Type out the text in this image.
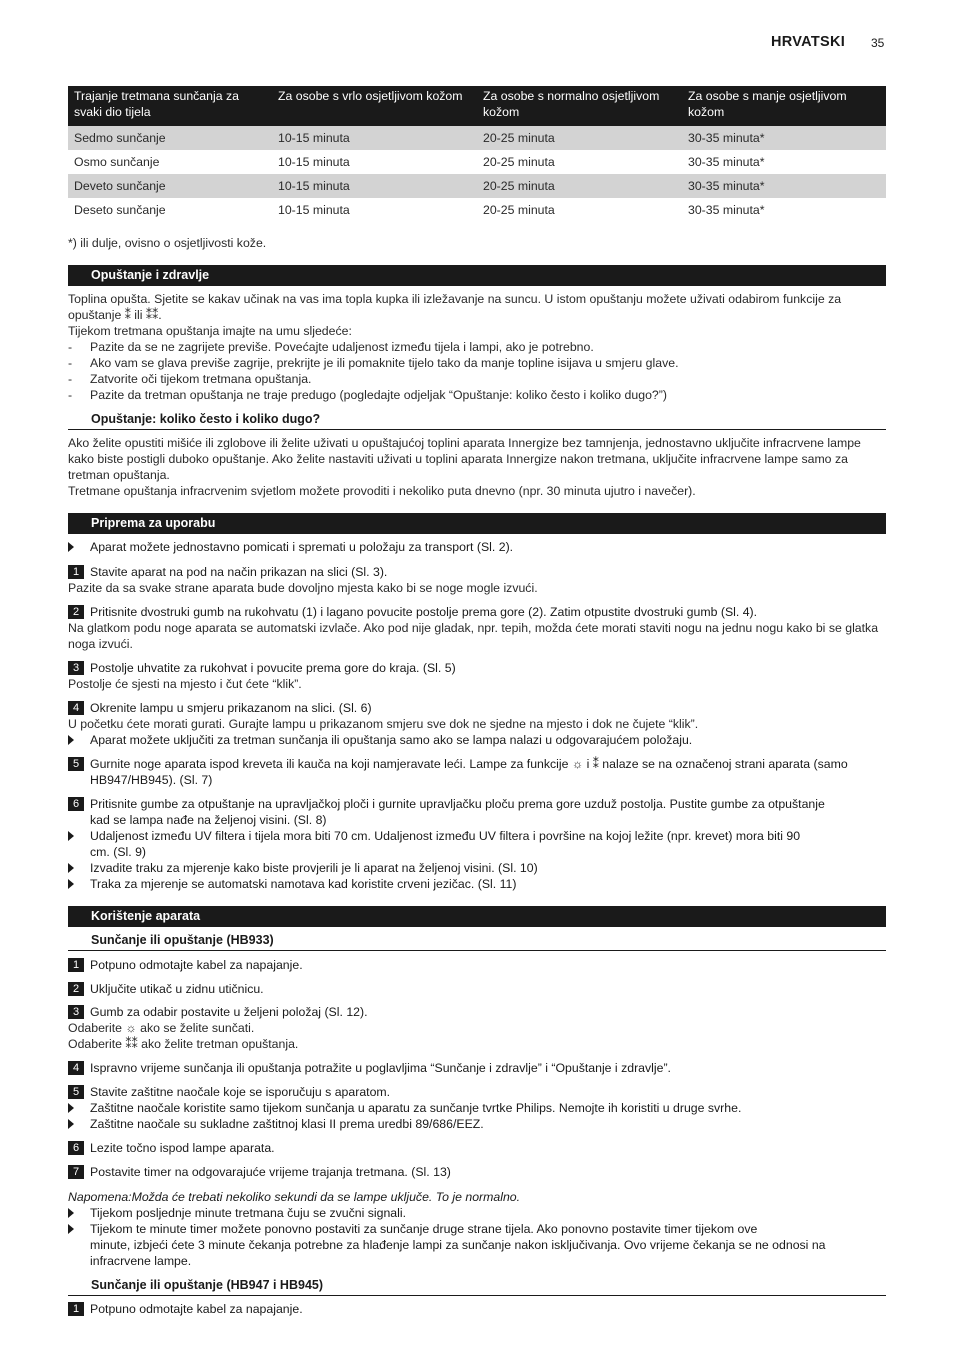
HRVATSKI 35
Trajanje tretmana sunčanja za svaki dio tijela	Za osobe s vrlo osjetljivom kožom	Za osobe s normalno osjetljivom kožom	Za osobe s manje osjetljivom kožom
Sedmo sunčanje	10-15 minuta	20-25 minuta	30-35 minuta*
Osmo sunčanje	10-15 minuta	20-25 minuta	30-35 minuta*
Deveto sunčanje	10-15 minuta	20-25 minuta	30-35 minuta*
Deseto sunčanje	10-15 minuta	20-25 minuta	30-35 minuta*
*) ili dulje, ovisno o osjetljivosti kože.
Opuštanje i zdravlje

Toplina opušta. Sjetite se kakav učinak na vas ima topla kupka ili izležavanje na suncu. U istom opuštanju možete uživati odabirom funkcije za

opuštanje ⁑ ili ⁑⁑.

Tijekom tretmana opuštanja imajte na umu sljedeće:

- Pazite da se ne zagrijete previše. Povećajte udaljenost između tijela i lampi, ako je potrebno.

- Ako vam se glava previše zagrije, prekrijte je ili pomaknite tijelo tako da manje topline isijava u smjeru glave.

- Zatvorite oči tijekom tretmana opuštanja.

- Pazite da tretman opuštanja ne traje predugo (pogledajte odjeljak “Opuštanje: koliko često i koliko dugo?”)

Opuštanje: koliko često i koliko dugo?

Ako želite opustiti mišiće ili zglobove ili želite uživati u opuštajućoj toplini aparata Innergize bez tamnjenja, jednostavno uključite infracrvene lampe kako biste postigli duboko opuštanje. Ako želite nastaviti uživati u toplini aparata Innergize nakon tretmana, uključite infracrvene lampe samo za tretman opuštanja.

Tretmane opuštanja infracrvenim svjetlom možete provoditi i nekoliko puta dnevno (npr. 30 minuta ujutro i navečer).

Priprema za uporabu
Aparat možete jednostavno pomicati i spremati u položaju za transport (Sl. 2).
1 Stavite aparat na pod na način prikazan na slici (Sl. 3).
Pazite da sa svake strane aparata bude dovoljno mjesta kako bi se noge mogle izvući.
2 Pritisnite dvostruki gumb na rukohvatu (1) i lagano povucite postolje prema gore (2). Zatim otpustite dvostruki gumb (Sl. 4).
Na glatkom podu noge aparata se automatski izvlače. Ako pod nije gladak, npr. tepih, možda ćete morati staviti nogu na jednu nogu kako bi se glatka noga izvući.
3 Postolje uhvatite za rukohvat i povucite prema gore do kraja. (Sl. 5)
Postolje će sjesti na mjesto i čut ćete “klik”.
4 Okrenite lampu u smjeru prikazanom na slici. (Sl. 6)
U početku ćete morati gurati. Gurajte lampu u prikazanom smjeru sve dok ne sjedne na mjesto i dok ne čujete “klik”.
Aparat možete uključiti za tretman sunčanja ili opuštanja samo ako se lampa nalazi u odgovarajućem položaju.
5 Gurnite noge aparata ispod kreveta ili kauča na koji namjeravate leći. Lampe za funkcije ☼ i ⁑ nalaze se na označenoj strani aparata (samo
HB947/HB945). (Sl. 7)
6 Pritisnite gumbe za otpuštanje na upravljačkoj ploči i gurnite upravljačku ploču prema gore uzduž postolja. Pustite gumbe za otpuštanje
kad se lampa nađe na željenoj visini. (Sl. 8)
Udaljenost između UV filtera i tijela mora biti 70 cm. Udaljenost između UV filtera i površine na kojoj ležite (npr. krevet) mora biti 90
cm. (Sl. 9)
Izvadite traku za mjerenje kako biste provjerili je li aparat na željenoj visini. (Sl. 10)
Traka za mjerenje se automatski namotava kad koristite crveni jezičac. (Sl. 11)
Korištenje aparata
Sunčanje ili opuštanje (HB933)
1 Potpuno odmotajte kabel za napajanje.
2 Uključite utikač u zidnu utičnicu.
3 Gumb za odabir postavite u željeni položaj (Sl. 12).
Odaberite ☼ ako se želite sunčati.
Odaberite ⁑⁑ ako želite tretman opuštanja.
4 Ispravno vrijeme sunčanja ili opuštanja potražite u poglavljima “Sunčanje i zdravlje” i “Opuštanje i zdravlje”.
5 Stavite zaštitne naočale koje se isporučuju s aparatom.
Zaštitne naočale koristite samo tijekom sunčanja u aparatu za sunčanje tvrtke Philips. Nemojte ih koristiti u druge svrhe.
Zaštitne naočale su sukladne zaštitnoj klasi II prema uredbi 89/686/EEZ.
6 Lezite točno ispod lampe aparata.
7 Postavite timer na odgovarajuće vrijeme trajanja tretmana. (Sl. 13)
Napomena:Možda će trebati nekoliko sekundi da se lampe uključe. To je normalno.
Tijekom posljednje minute tretmana čuju se zvučni signali.
Tijekom te minute timer možete ponovno postaviti za sunčanje druge strane tijela. Ako ponovno postavite timer tijekom ove
minute, izbjeći ćete 3 minute čekanja potrebne za hlađenje lampi za sunčanje nakon isključivanja. Ovo vrijeme čekanja se ne odnosi na
infracrvene lampe.
Sunčanje ili opuštanje (HB947 i HB945)
1 Potpuno odmotajte kabel za napajanje.
